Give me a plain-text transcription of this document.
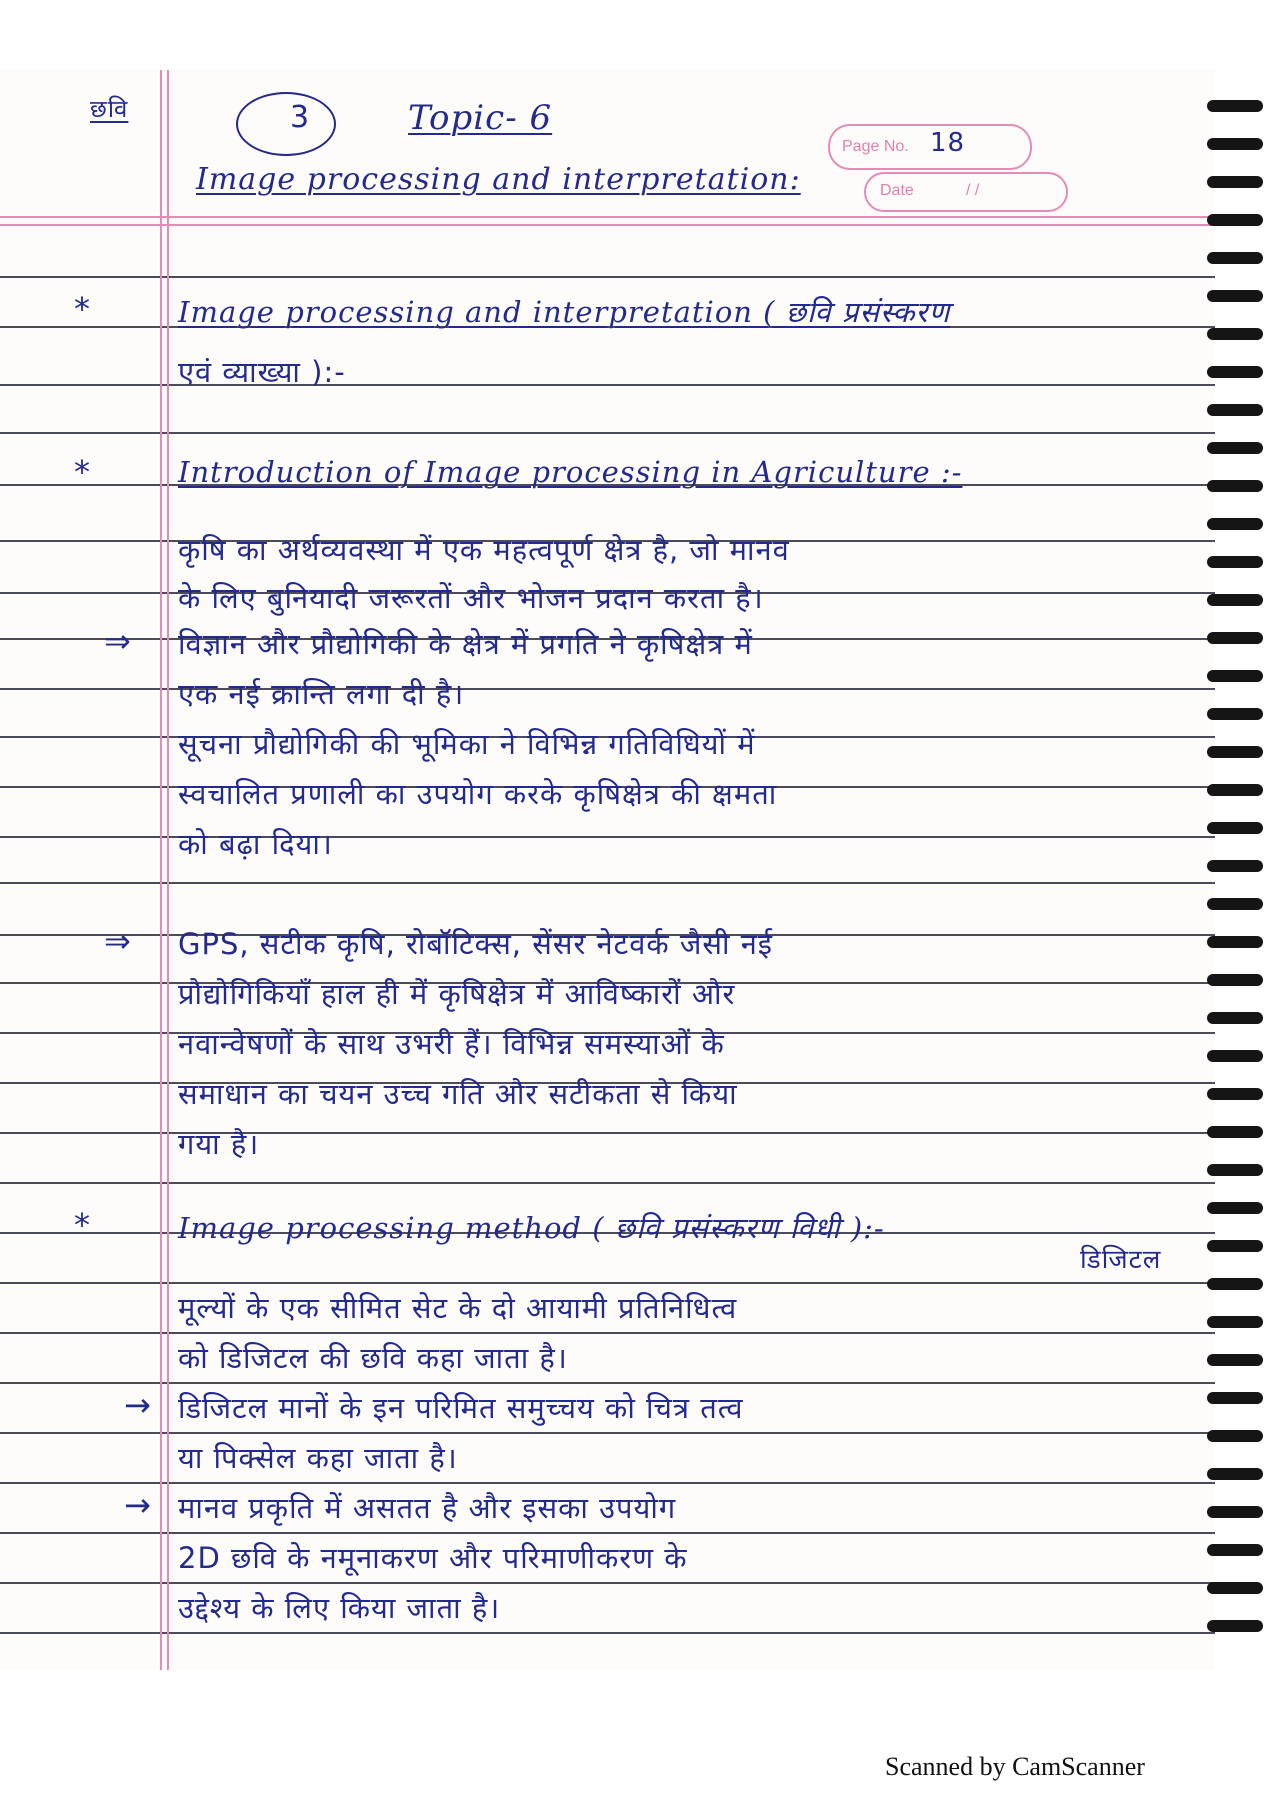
Page No. 18
Date	/ /
छवि	3	Topic- 6
Image processing and interpretation:
*	Image processing and interpretation ( छवि प्रसंस्करण
एवं व्याख्या ):-
*	Introduction of Image processing in Agriculture :-
कृषि का अर्थव्यवस्था में एक महत्वपूर्ण क्षेत्र है, जो मानव
के लिए बुनियादी जरूरतों और भोजन प्रदान करता है।
⇒ विज्ञान और प्रौद्योगिकी के क्षेत्र में प्रगति ने कृषिक्षेत्र में
एक नई क्रान्ति लगा दी है।
सूचना प्रौद्योगिकी की भूमिका ने विभिन्न गतिविधियों में
स्वचालित प्रणाली का उपयोग करके कृषिक्षेत्र की क्षमता
को बढ़ा दिया।
⇒ GPS, सटीक कृषि, रोबॉटिक्स, सेंसर नेटवर्क जैसी नई
प्रौद्योगिकियाँ हाल ही में कृषिक्षेत्र में आविष्कारों और
नवान्वेषणों के साथ उभरी हैं। विभिन्न समस्याओं के
समाधान का चयन उच्च गति और सटीकता से किया
गया है।
*	Image processing method ( छवि प्रसंस्करण विधी ):-
डिजिटल
मूल्यों के एक सीमित सेट के दो आयामी प्रतिनिधित्व
को डिजिटल की छवि कहा जाता है।
→ डिजिटल मानों के इन परिमित समुच्चय को चित्र तत्व
या पिक्सेल कहा जाता है।
→ मानव प्रकृति में असतत है और इसका उपयोग
2D छवि के नमूनाकरण और परिमाणीकरण के
उद्देश्य के लिए किया जाता है।
Scanned by CamScanner
